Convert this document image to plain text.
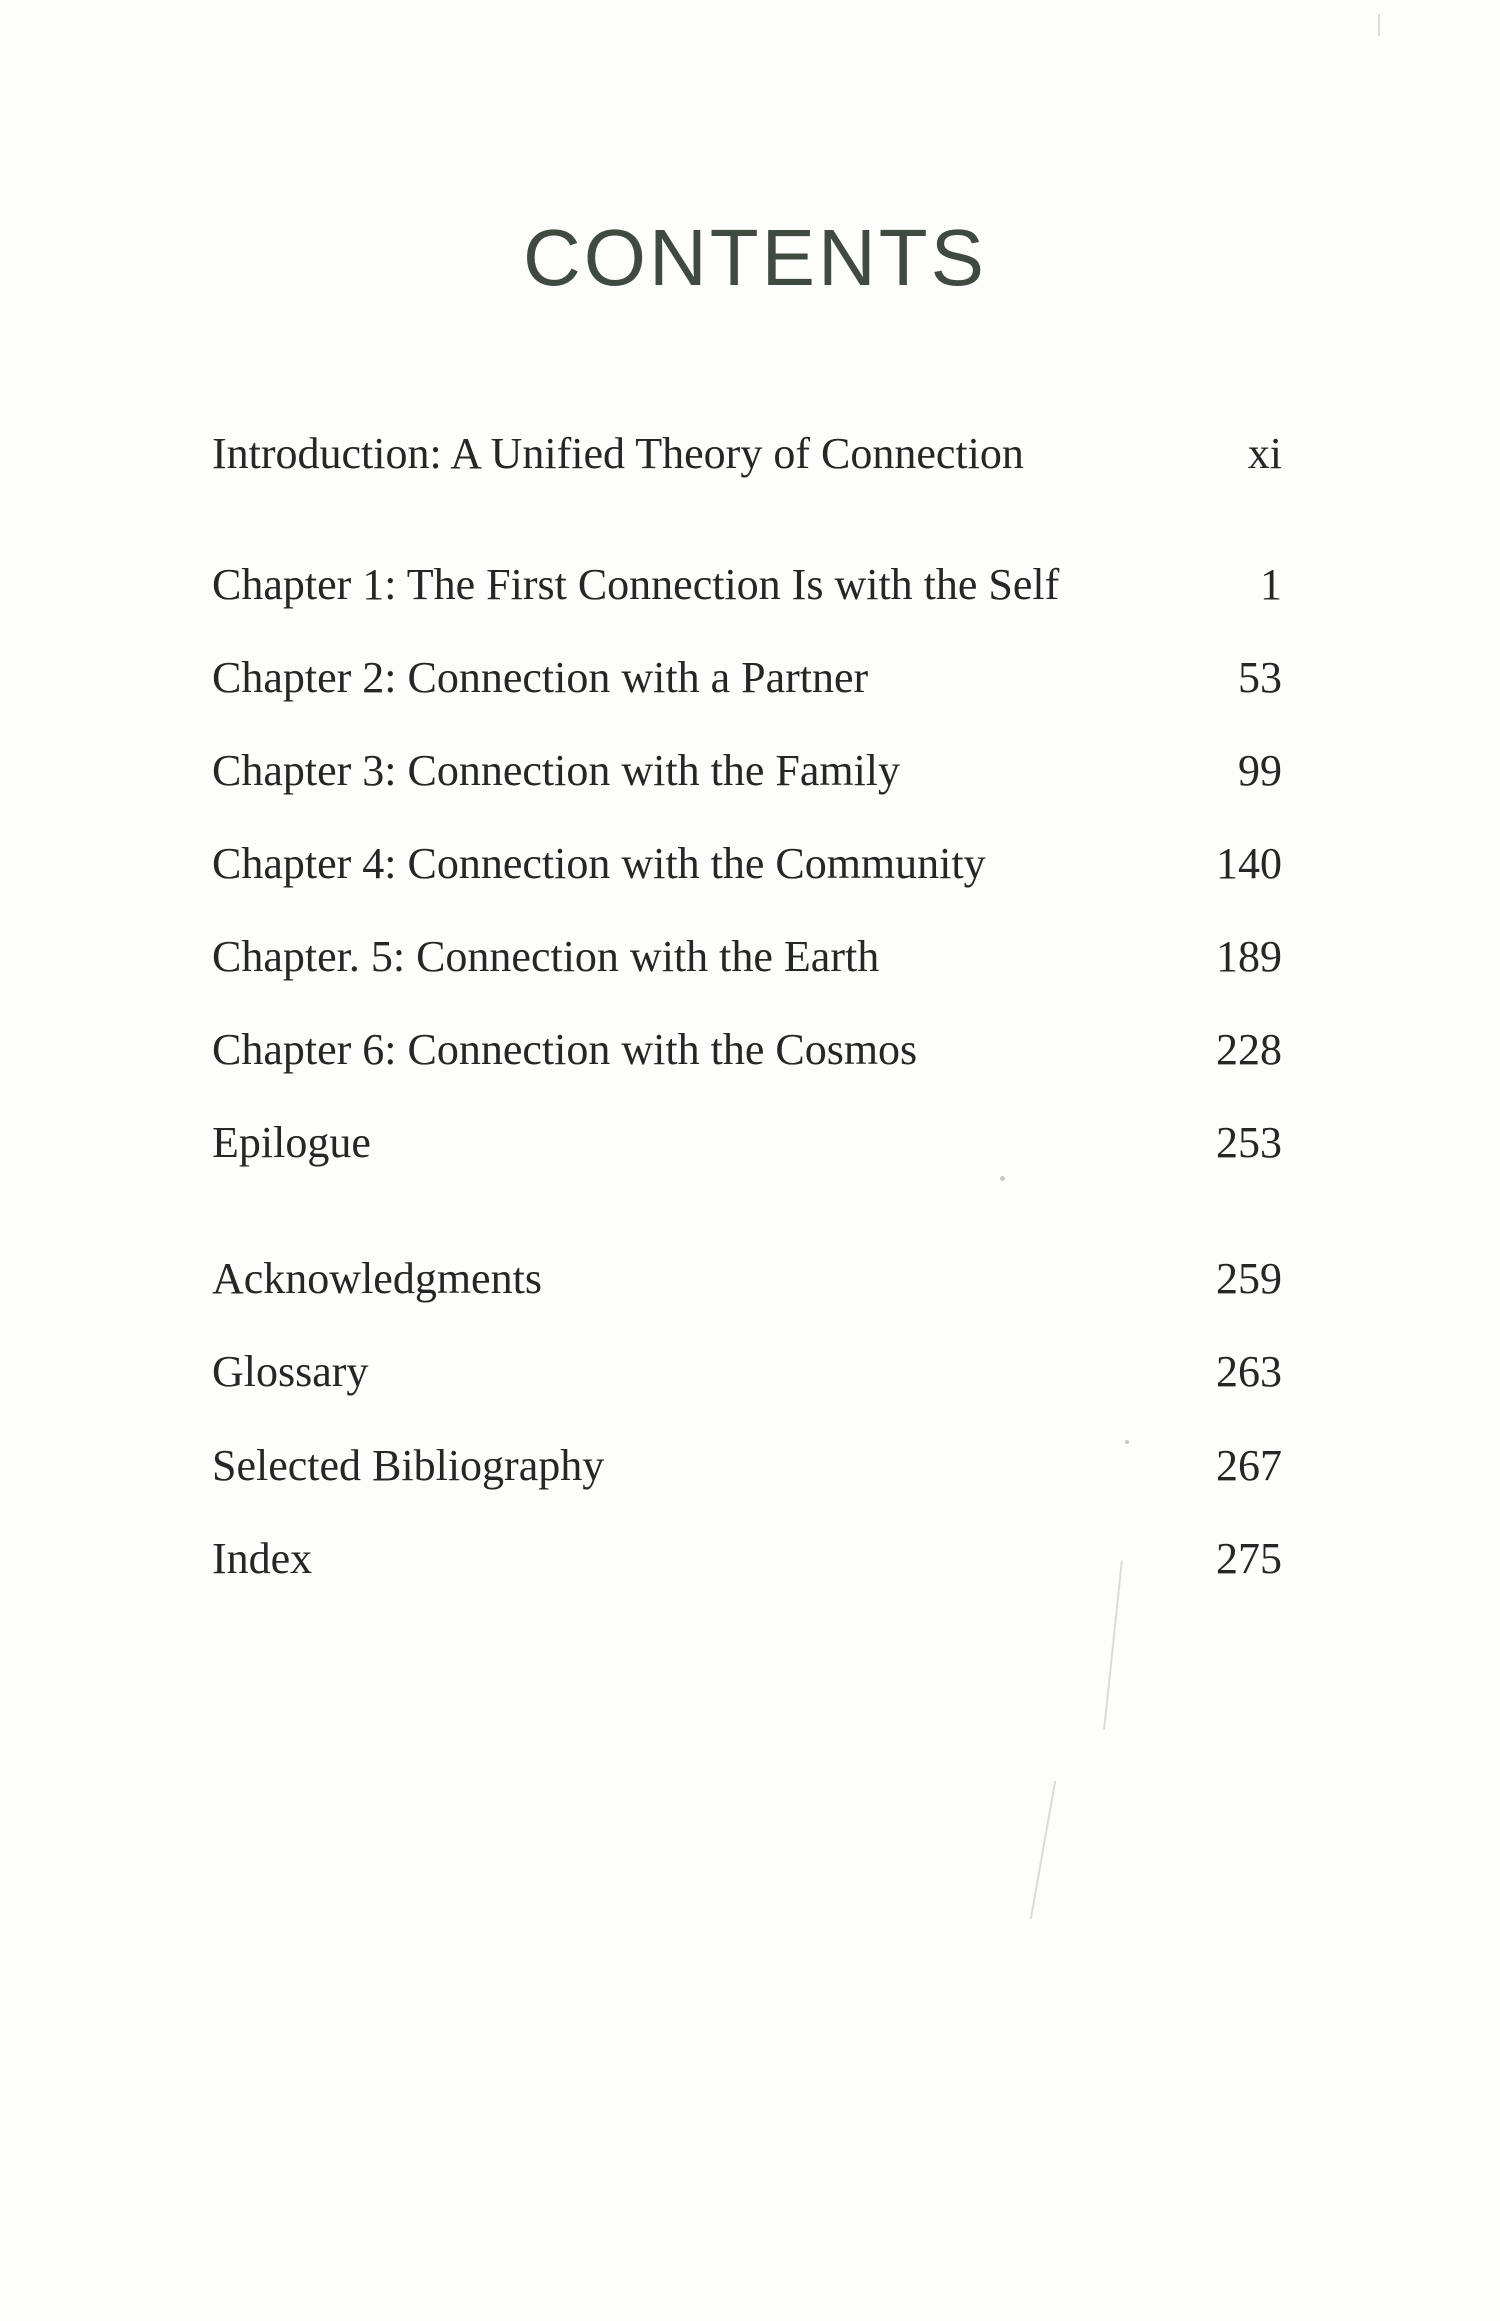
CONTENTS
Introduction: A Unified Theory of Connection	xi
Chapter 1: The First Connection Is with the Self	1
Chapter 2: Connection with a Partner	53
Chapter 3: Connection with the Family	99
Chapter 4: Connection with the Community	140
Chapter. 5: Connection with the Earth	189
Chapter 6: Connection with the Cosmos	228
Epilogue	253
Acknowledgments	259
Glossary	263
Selected Bibliography	267
Index	275
